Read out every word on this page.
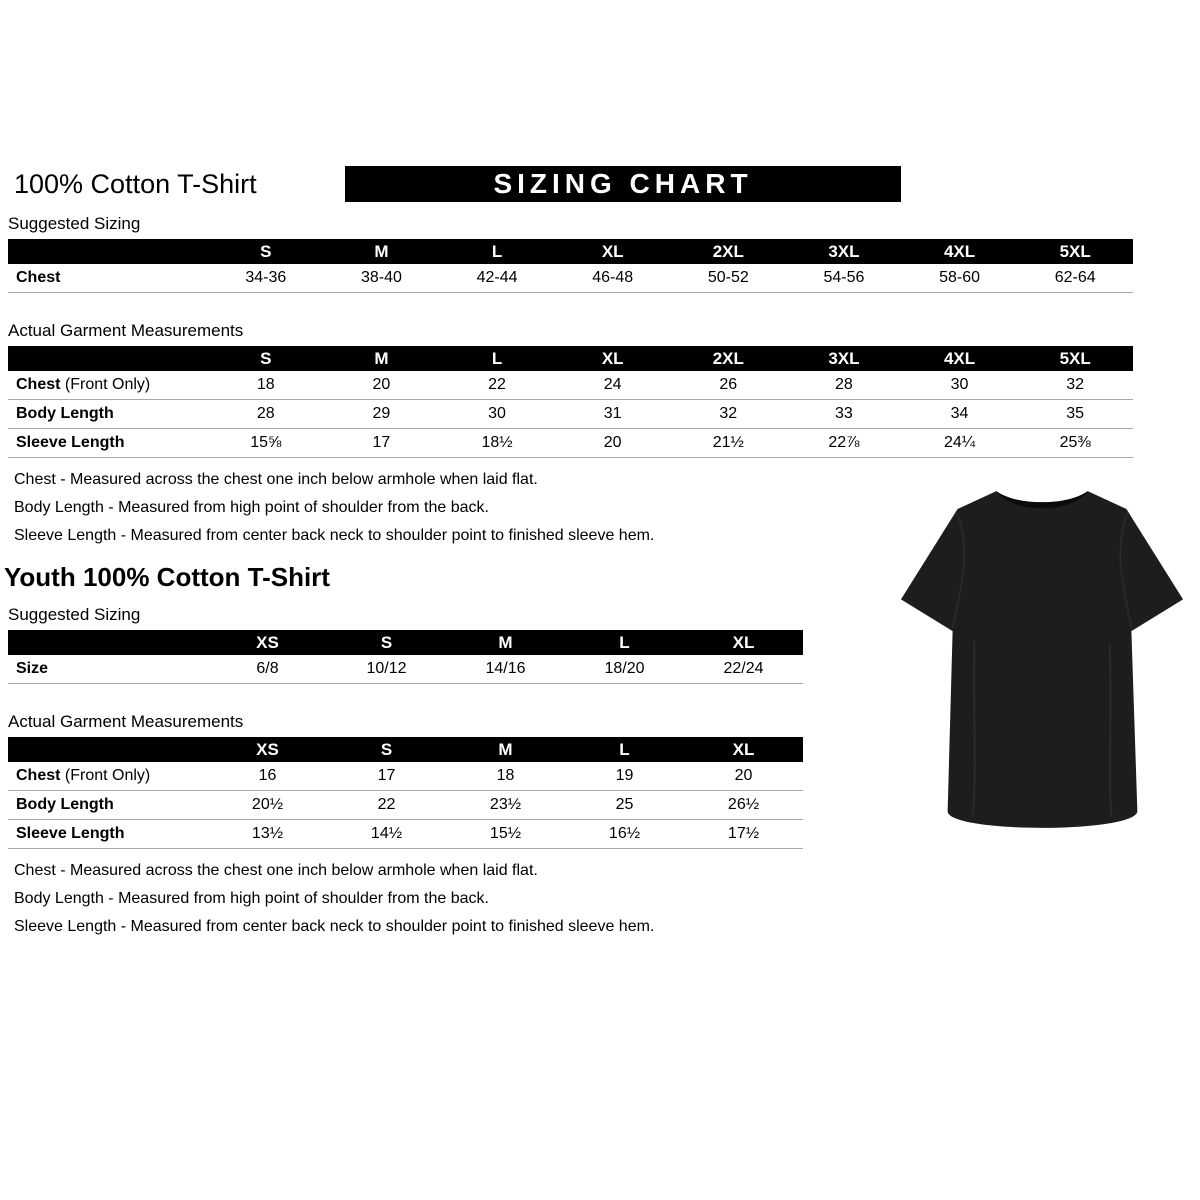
100% Cotton T-Shirt	SIZING CHART
Suggested Sizing
	S	M	L	XL	2XL	3XL	4XL	5XL
Chest	34-36	38-40	42-44	46-48	50-52	54-56	58-60	62-64
Actual Garment Measurements
	S	M	L	XL	2XL	3XL	4XL	5XL
Chest (Front Only)	18	20	22	24	26	28	30	32
Body Length	28	29	30	31	32	33	34	35
Sleeve Length	15⅝	17	18½	20	21½	22⅞	24¼	25⅜

Chest - Measured across the chest one inch below armhole when laid flat.

Body Length - Measured from high point of shoulder from the back.

Sleeve Length - Measured from center back neck to shoulder point to finished sleeve hem.

Youth 100% Cotton T-Shirt
Suggested Sizing
	XS	S	M	L	XL
Size	6/8	10/12	14/16	18/20	22/24
Actual Garment Measurements
	XS	S	M	L	XL
Chest (Front Only)	16	17	18	19	20
Body Length	20½	22	23½	25	26½
Sleeve Length	13½	14½	15½	16½	17½

Chest - Measured across the chest one inch below armhole when laid flat.

Body Length - Measured from high point of shoulder from the back.

Sleeve Length - Measured from center back neck to shoulder point to finished sleeve hem.
